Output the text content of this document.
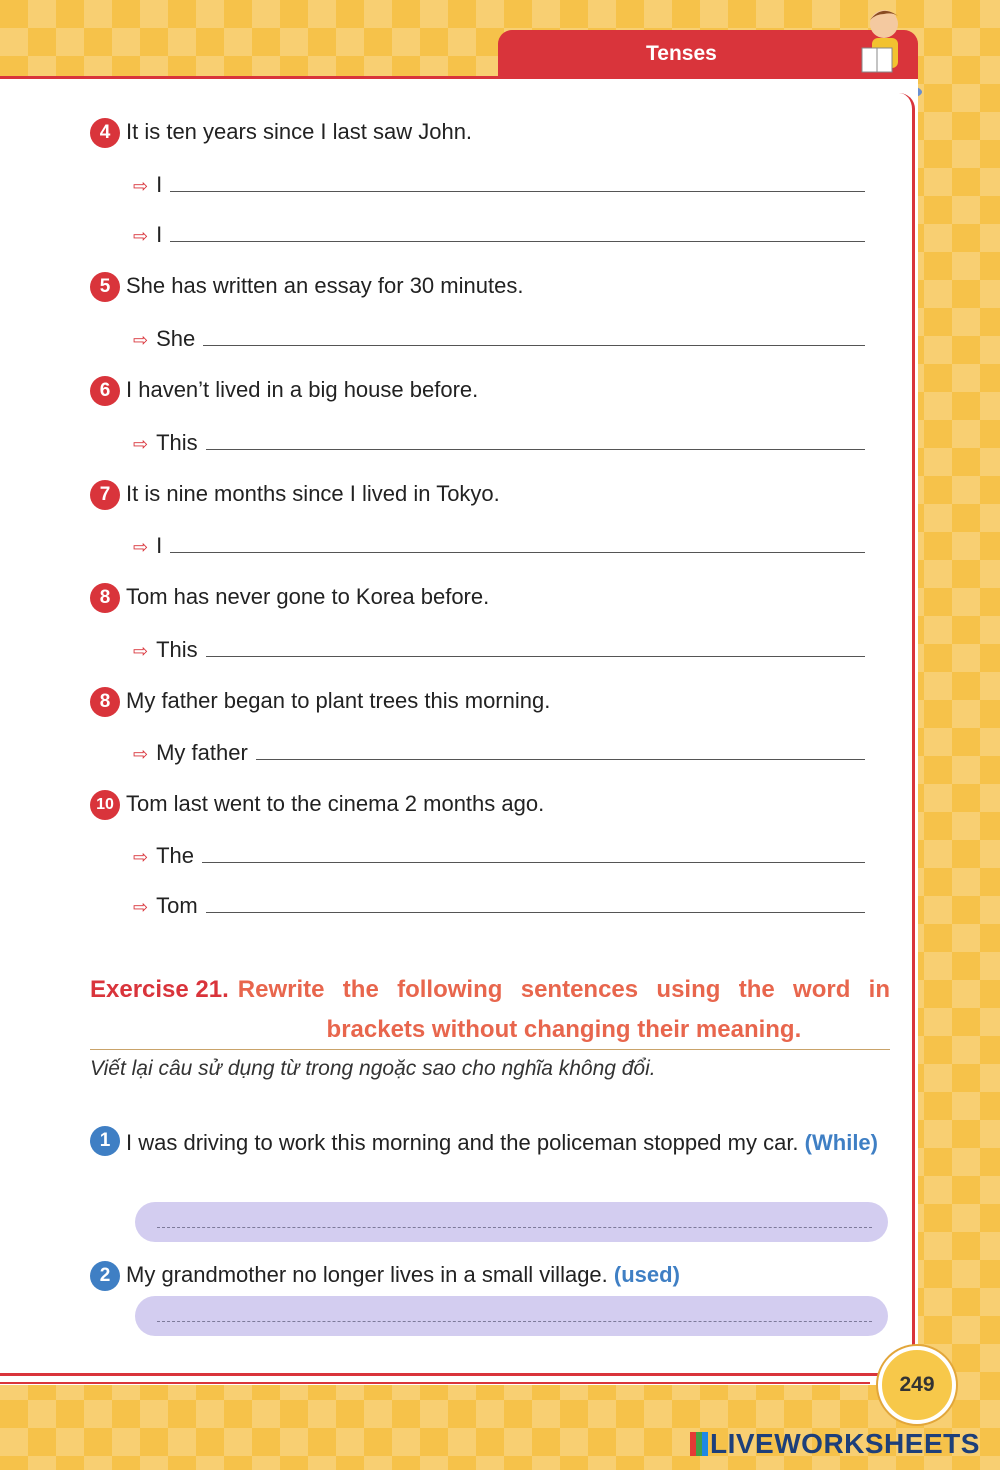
Tenses
4 It is ten years since I last saw John.
⇨ I
⇨ I
5 She has written an essay for 30 minutes.
⇨ She
6 I haven’t lived in a big house before.
⇨ This
7 It is nine months since I lived in Tokyo.
⇨ I
8 Tom has never gone to Korea before.
⇨ This
8 My father began to plant trees this morning.
⇨ My father
10 Tom last went to the cinema 2 months ago.
⇨ The
⇨ Tom
Exercise 21. Rewrite the following sentences using the word in brackets without changing their meaning.
Viết lại câu sử dụng từ trong ngoặc sao cho nghĩa không đổi.
1 I was driving to work this morning and the policeman stopped my car. (While)
2 My grandmother no longer lives in a small village. (used)
249
LIVEWORKSHEETS
